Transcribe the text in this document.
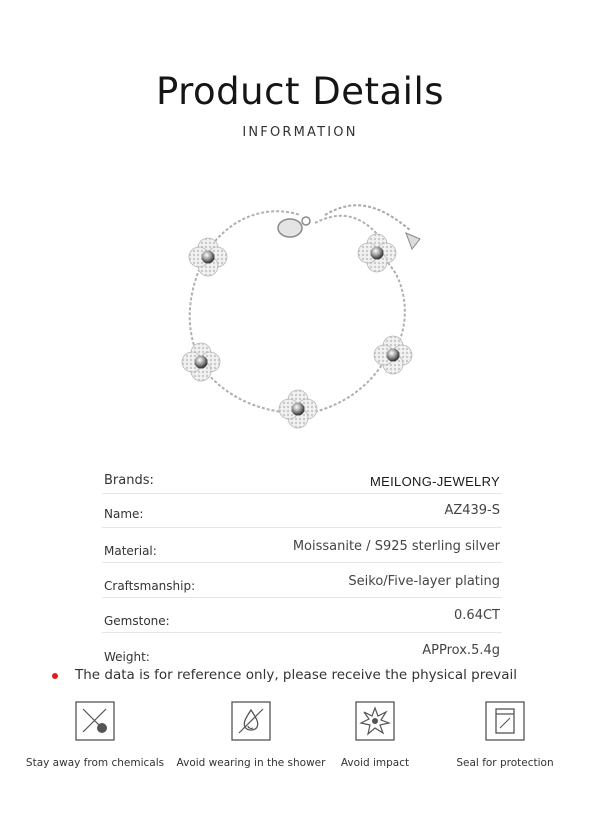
Product Details
INFORMATION
Brands:	MEILONG-JEWELRY
Name:	AZ439-S
Material:	Moissanite / S925 sterling silver
Craftsmanship:	Seiko/Five-layer plating
Gemstone:	0.64CT
Weight:	APProx.5.4g
The data is for reference only, please receive the physical prevail
Stay away from chemicals	Avoid wearing in the shower	Avoid impact	Seal for protection
